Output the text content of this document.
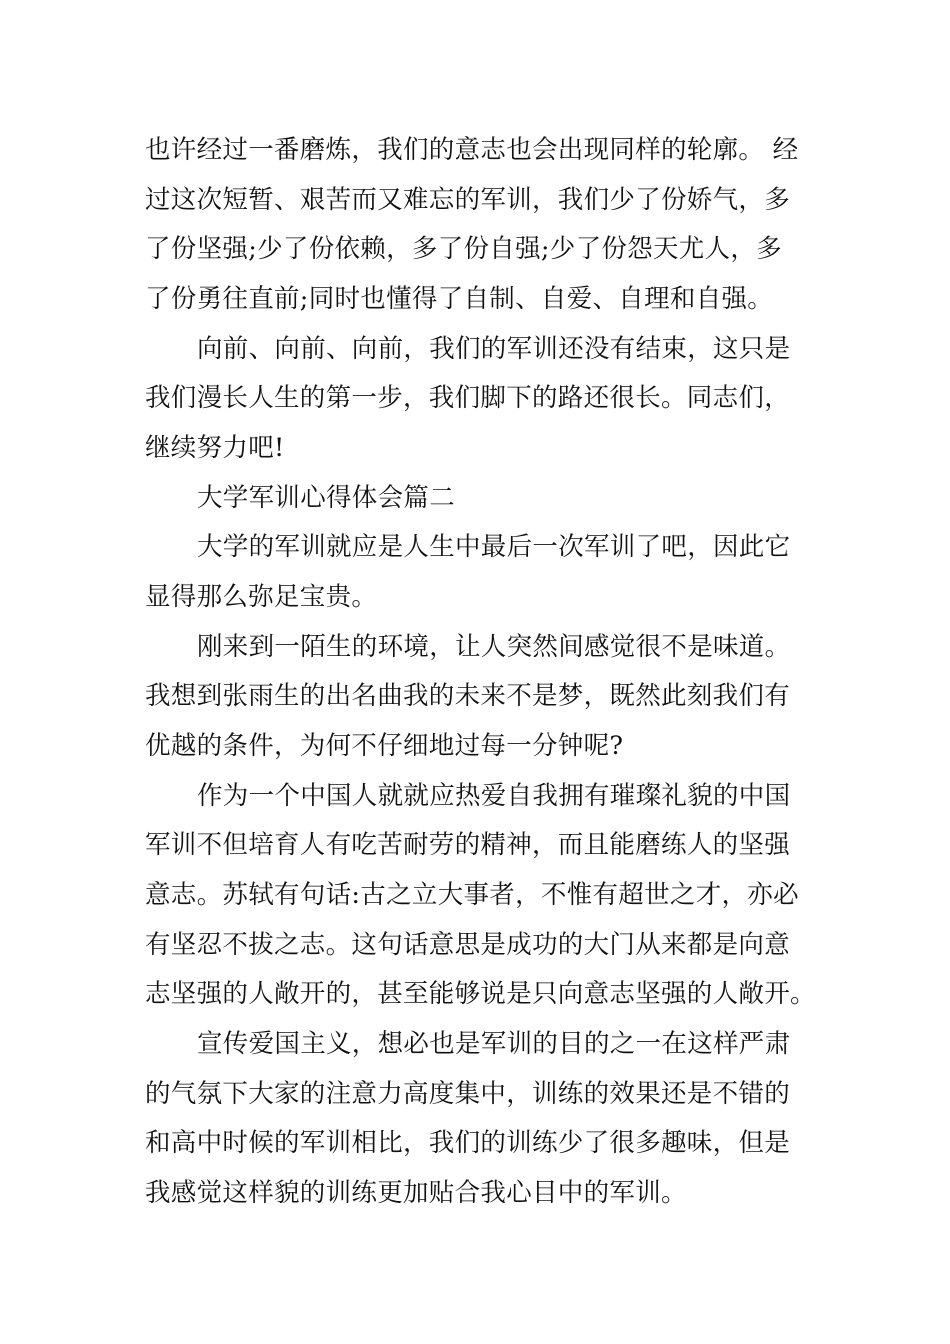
也许经过一番磨炼，我们的意志也会出现同样的轮廓。 经
过这次短暂、艰苦而又难忘的军训，我们少了份娇气，多
了份坚强;少了份依赖，多了份自强;少了份怨天尤人，多
了份勇往直前;同时也懂得了自制、自爱、自理和自强。
向前、向前、向前，我们的军训还没有结束，这只是
我们漫长人生的第一步，我们脚下的路还很长。同志们，
继续努力吧!
大学军训心得体会篇二
大学的军训就应是人生中最后一次军训了吧，因此它
显得那么弥足宝贵。
刚来到一陌生的环境，让人突然间感觉很不是味道。
我想到张雨生的出名曲我的未来不是梦，既然此刻我们有
优越的条件，为何不仔细地过每一分钟呢?
作为一个中国人就就应热爱自我拥有璀璨礼貌的中国
军训不但培育人有吃苦耐劳的精神，而且能磨练人的坚强
意志。苏轼有句话:古之立大事者，不惟有超世之才，亦必
有坚忍不拔之志。这句话意思是成功的大门从来都是向意
志坚强的人敞开的，甚至能够说是只向意志坚强的人敞开。
宣传爱国主义，想必也是军训的目的之一在这样严肃
的气氛下大家的注意力高度集中，训练的效果还是不错的
和高中时候的军训相比，我们的训练少了很多趣味，但是
我感觉这样貌的训练更加贴合我心目中的军训。
